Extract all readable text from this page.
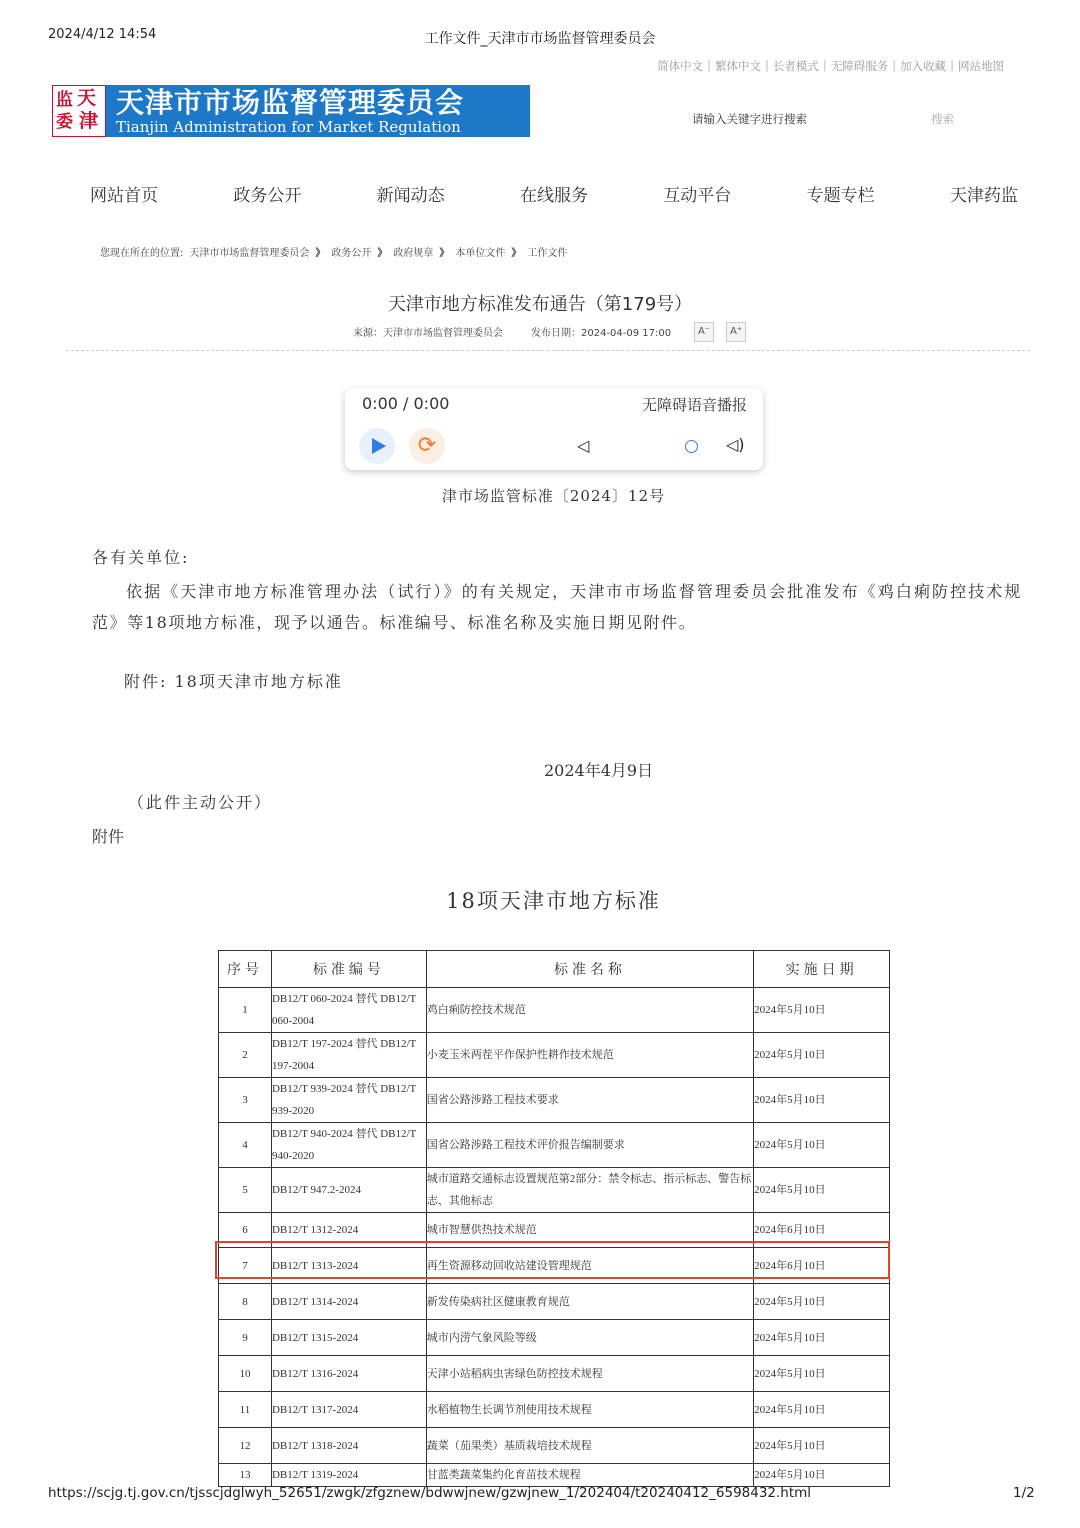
2024/4/12 14:54	工作文件_天津市市场监督管理委员会
简体中文 | 繁体中文 | 长者模式 | 无障碍服务 | 加入收藏 | 网站地图
天
津
监
委
天津市市场监督管理委员会
Tianjin Administration for Market Regulation	请输入关键字进行搜索	搜索
网站首页	政务公开	新闻动态	在线服务	互动平台	专题专栏	天津药监
您现在所在的位置: 天津市市场监督管理委员会 》 政务公开 》 政府规章 》 本单位文件 》 工作文件
天津市地方标准发布通告（第179号）
来源：天津市市场监督管理委员会	发布日期：2024-04-09 17:00	A⁻	A⁺
0:00 / 0:00	无障碍语音播报
⟳	◁	◁)
津市场监管标准〔2024〕12号
各有关单位:
依据《天津市地方标准管理办法（试行）》的有关规定，天津市市场监督管理委员会批准发布《鸡白痢防控技术规范》等18项地方标准，现予以通告。标准编号、标准名称及实施日期见附件。
附件: 18项天津市地方标准
2024年4月9日
（此件主动公开）
附件
18项天津市地方标准
序号	标准编号	标准名称	实施日期
1	DB12/T 060-2024 替代 DB12/T 060-2004	鸡白痢防控技术规范	2024年5月10日
2	DB12/T 197-2024 替代 DB12/T 197-2004	小麦玉米两茬平作保护性耕作技术规范	2024年5月10日
3	DB12/T 939-2024 替代 DB12/T 939-2020	国省公路涉路工程技术要求	2024年5月10日
4	DB12/T 940-2024 替代 DB12/T 940-2020	国省公路涉路工程技术评价报告编制要求	2024年5月10日
5	DB12/T 947.2-2024	城市道路交通标志设置规范第2部分：禁令标志、指示标志、警告标志、其他标志	2024年5月10日
6	DB12/T 1312-2024	城市智慧供热技术规范	2024年6月10日
7	DB12/T 1313-2024	再生资源移动回收站建设管理规范	2024年6月10日
8	DB12/T 1314-2024	新发传染病社区健康教育规范	2024年5月10日
9	DB12/T 1315-2024	城市内涝气象风险等级	2024年5月10日
10	DB12/T 1316-2024	天津小站稻病虫害绿色防控技术规程	2024年5月10日
11	DB12/T 1317-2024	水稻植物生长调节剂使用技术规程	2024年5月10日
12	DB12/T 1318-2024	蔬菜（茄果类）基质栽培技术规程	2024年5月10日
13	DB12/T 1319-2024	甘蓝类蔬菜集约化育苗技术规程	2024年5月10日
https://scjg.tj.gov.cn/tjsscjdglwyh_52651/zwgk/zfgznew/bdwwjnew/gzwjnew_1/202404/t20240412_6598432.html	1/2
